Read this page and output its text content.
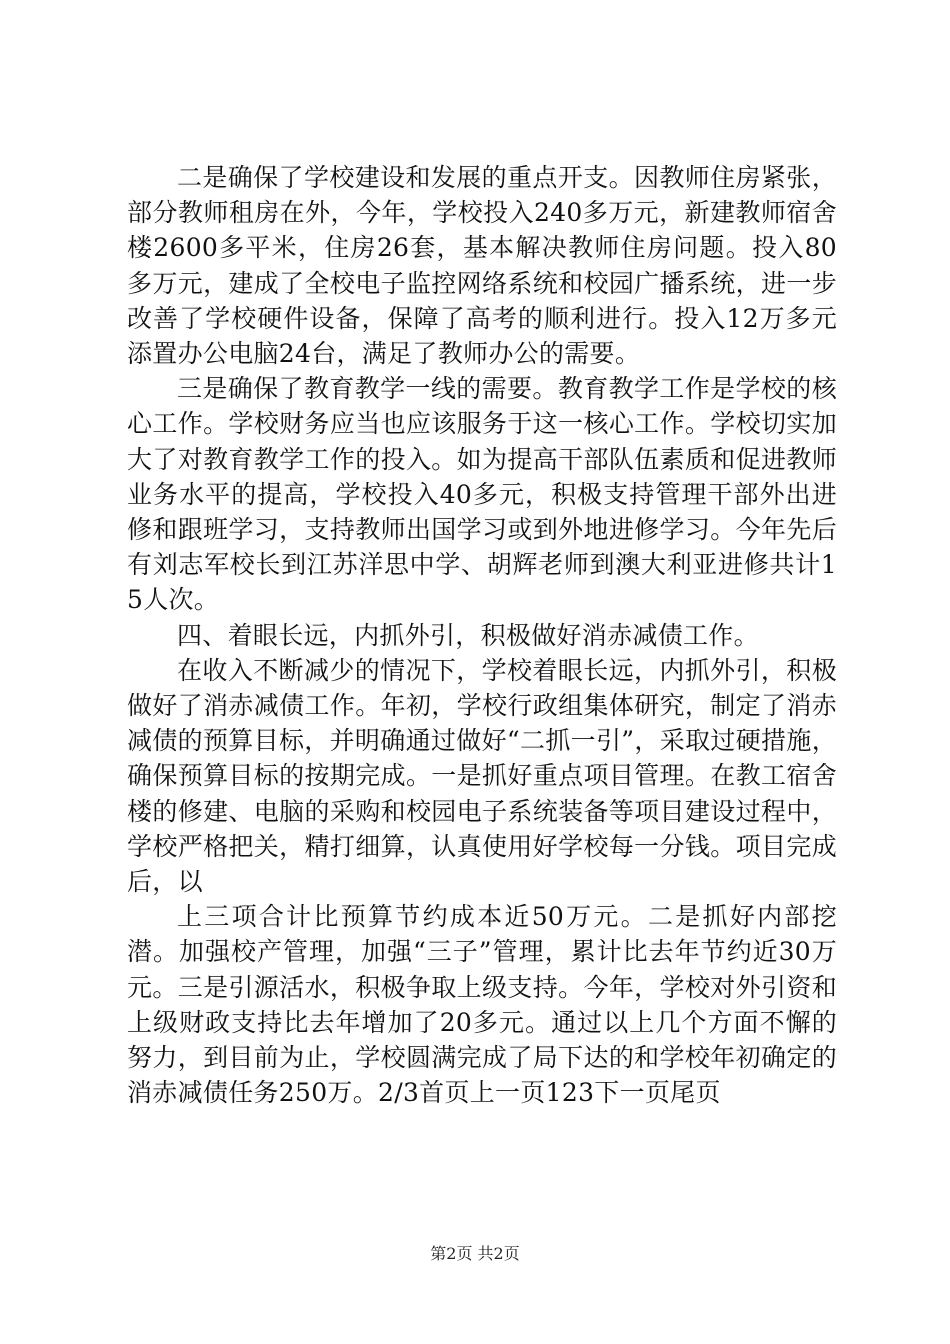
二是确保了学校建设和发展的重点开支。因教师住房紧张，部分教师租房在外，今年，学校投入240多万元，新建教师宿舍楼2600多平米，住房26套，基本解决教师住房问题。投入80多万元，建成了全校电子监控网络系统和校园广播系统，进一步改善了学校硬件设备，保障了高考的顺利进行。投入12万多元添置办公电脑24台，满足了教师办公的需要。

三是确保了教育教学一线的需要。教育教学工作是学校的核心工作。学校财务应当也应该服务于这一核心工作。学校切实加大了对教育教学工作的投入。如为提高干部队伍素质和促进教师业务水平的提高，学校投入40多元，积极支持管理干部外出进修和跟班学习，支持教师出国学习或到外地进修学习。今年先后有刘志军校长到江苏洋思中学、胡辉老师到澳大利亚进修共计15人次。

四、着眼长远，内抓外引，积极做好消赤减债工作。

在收入不断减少的情况下，学校着眼长远，内抓外引，积极做好了消赤减债工作。年初，学校行政组集体研究，制定了消赤减债的预算目标，并明确通过做好“二抓一引”，采取过硬措施，确保预算目标的按期完成。一是抓好重点项目管理。在教工宿舍楼的修建、电脑的采购和校园电子系统装备等项目建设过程中，学校严格把关，精打细算，认真使用好学校每一分钱。项目完成后，以

上三项合计比预算节约成本近50万元。二是抓好内部挖潜。加强校产管理，加强“三子”管理，累计比去年节约近30万元。三是引源活水，积极争取上级支持。今年，学校对外引资和上级财政支持比去年增加了20多元。通过以上几个方面不懈的努力，到目前为止，学校圆满完成了局下达的和学校年初确定的消赤减债任务250万。2/3首页上一页123下一页尾页

第2页 共2页
